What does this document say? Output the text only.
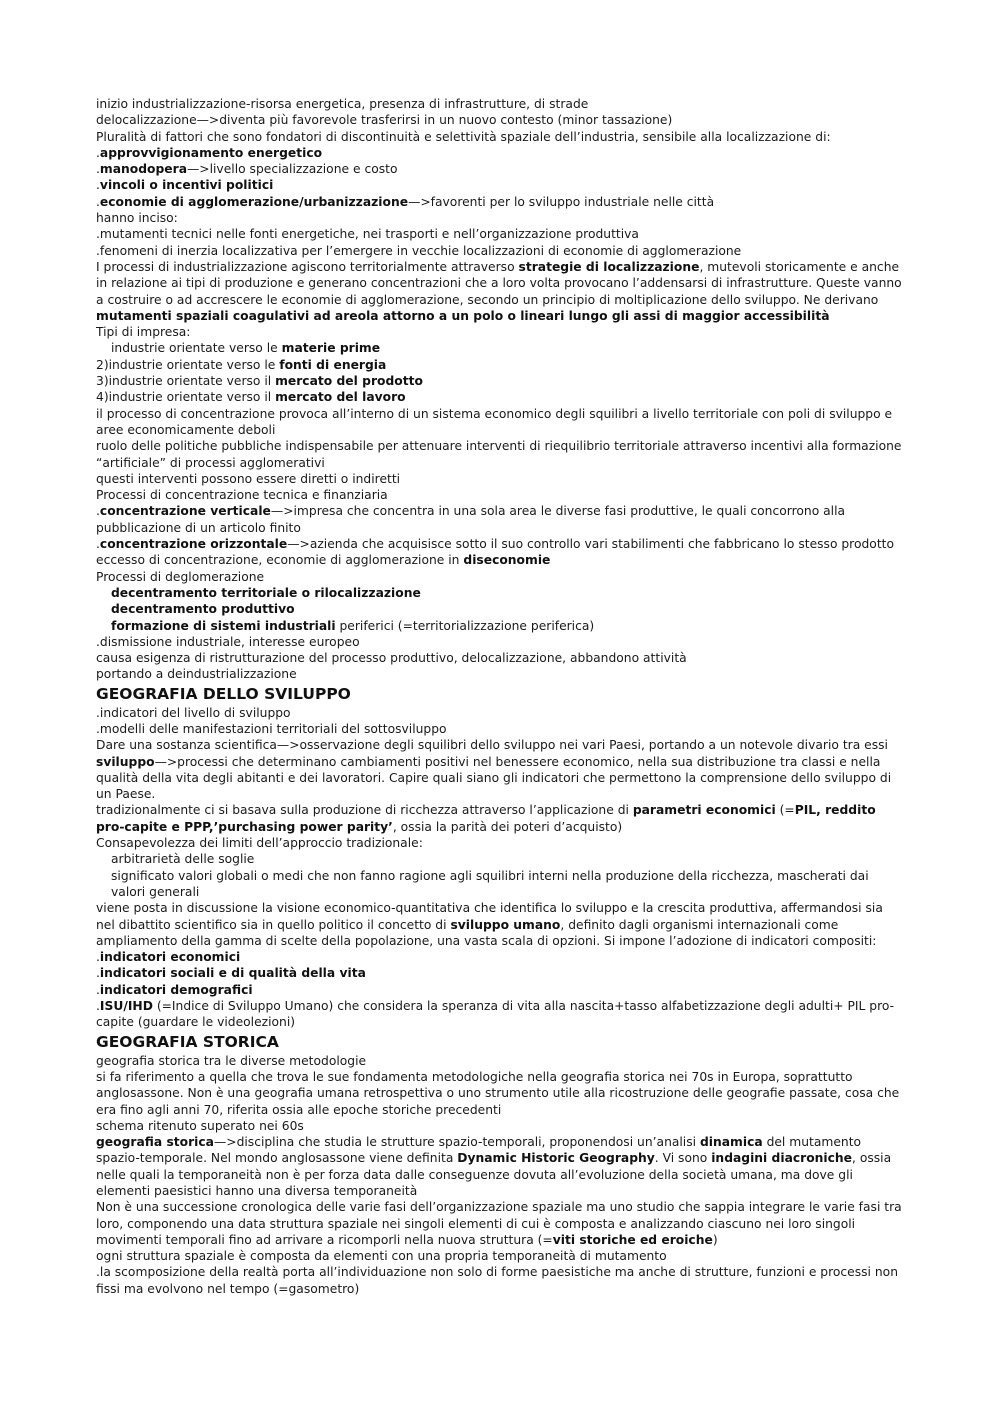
inizio industrializzazione-risorsa energetica, presenza di infrastrutture, di strade

delocalizzazione—>diventa più favorevole trasferirsi in un nuovo contesto (minor tassazione)

Pluralità di fattori che sono fondatori di discontinuità e selettività spaziale dell’industria, sensibile alla localizzazione di:

.approvvigionamento energetico

.manodopera—>livello specializzazione e costo

.vincoli o incentivi politici

.economie di agglomerazione/urbanizzazione—>favorenti per lo sviluppo industriale nelle città

hanno inciso:

.mutamenti tecnici nelle fonti energetiche, nei trasporti e nell’organizzazione produttiva

.fenomeni di inerzia localizzativa per l’emergere in vecchie localizzazioni di economie di agglomerazione

I processi di industrializzazione agiscono territorialmente attraverso strategie di localizzazione, mutevoli storicamente e anche in relazione ai tipi di produzione e generano concentrazioni che a loro volta provocano l’addensarsi di infrastrutture. Queste vanno a costruire o ad accrescere le economie di agglomerazione, secondo un principio di moltiplicazione dello sviluppo. Ne derivano mutamenti spaziali coagulativi ad areola attorno a un polo o lineari lungo gli assi di maggior accessibilità

Tipi di impresa:

industrie orientate verso le materie prime

2)industrie orientate verso le fonti di energia

3)industrie orientate verso il mercato del prodotto

4)industrie orientate verso il mercato del lavoro

il processo di concentrazione provoca all’interno di un sistema economico degli squilibri a livello territoriale con poli di sviluppo e aree economicamente deboli

ruolo delle politiche pubbliche indispensabile per attenuare interventi di riequilibrio territoriale attraverso incentivi alla formazione “artificiale” di processi agglomerativi

questi interventi possono essere diretti o indiretti

Processi di concentrazione tecnica e finanziaria

.concentrazione verticale—>impresa che concentra in una sola area le diverse fasi produttive, le quali concorrono alla pubblicazione di un articolo finito

.concentrazione orizzontale—>azienda che acquisisce sotto il suo controllo vari stabilimenti che fabbricano lo stesso prodotto

eccesso di concentrazione, economie di agglomerazione in diseconomie

Processi di deglomerazione

decentramento territoriale o rilocalizzazione

decentramento produttivo

formazione di sistemi industriali periferici (=territorializzazione periferica)

.dismissione industriale, interesse europeo

causa esigenza di ristrutturazione del processo produttivo, delocalizzazione, abbandono attività

portando a deindustrializzazione

GEOGRAFIA DELLO SVILUPPO

.indicatori del livello di sviluppo

.modelli delle manifestazioni territoriali del sottosviluppo

Dare una sostanza scientifica—>osservazione degli squilibri dello sviluppo nei vari Paesi, portando a un notevole divario tra essi

sviluppo—>processi che determinano cambiamenti positivi nel benessere economico, nella sua distribuzione tra classi e nella qualità della vita degli abitanti e dei lavoratori. Capire quali siano gli indicatori che permettono la comprensione dello sviluppo di un Paese.

tradizionalmente ci si basava sulla produzione di ricchezza attraverso l’applicazione di parametri economici (=PIL, reddito pro-capite e PPP,’purchasing power parity’, ossia la parità dei poteri d’acquisto)

Consapevolezza dei limiti dell’approccio tradizionale:

arbitrarietà delle soglie

significato valori globali o medi che non fanno ragione agli squilibri interni nella produzione della ricchezza, mascherati dai valori generali

viene posta in discussione la visione economico-quantitativa che identifica lo sviluppo e la crescita produttiva, affermandosi sia nel dibattito scientifico sia in quello politico il concetto di sviluppo umano, definito dagli organismi internazionali come ampliamento della gamma di scelte della popolazione, una vasta scala di opzioni. Si impone l’adozione di indicatori compositi:

.indicatori economici

.indicatori sociali e di qualità della vita

.indicatori demografici

.ISU/IHD (=Indice di Sviluppo Umano) che considera la speranza di vita alla nascita+tasso alfabetizzazione degli adulti+ PIL pro-capite (guardare le videolezioni)

GEOGRAFIA STORICA

geografia storica tra le diverse metodologie

si fa riferimento a quella che trova le sue fondamenta metodologiche nella geografia storica nei 70s in Europa, soprattutto anglosassone. Non è una geografia umana retrospettiva o uno strumento utile alla ricostruzione delle geografie passate, cosa che era fino agli anni 70, riferita ossia alle epoche storiche precedenti

schema ritenuto superato nei 60s

geografia storica—>disciplina che studia le strutture spazio-temporali, proponendosi un’analisi dinamica del mutamento spazio-temporale. Nel mondo anglosassone viene definita Dynamic Historic Geography. Vi sono indagini diacroniche, ossia nelle quali la temporaneità non è per forza data dalle conseguenze dovuta all’evoluzione della società umana, ma dove gli elementi paesistici hanno una diversa temporaneità

Non è una successione cronologica delle varie fasi dell’organizzazione spaziale ma uno studio che sappia integrare le varie fasi tra loro, componendo una data struttura spaziale nei singoli elementi di cui è composta e analizzando ciascuno nei loro singoli movimenti temporali fino ad arrivare a ricomporli nella nuova struttura (=viti storiche ed eroiche)

ogni struttura spaziale è composta da elementi con una propria temporaneità di mutamento

.la scomposizione della realtà porta all’individuazione non solo di forme paesistiche ma anche di strutture, funzioni e processi non fissi ma evolvono nel tempo (=gasometro)
